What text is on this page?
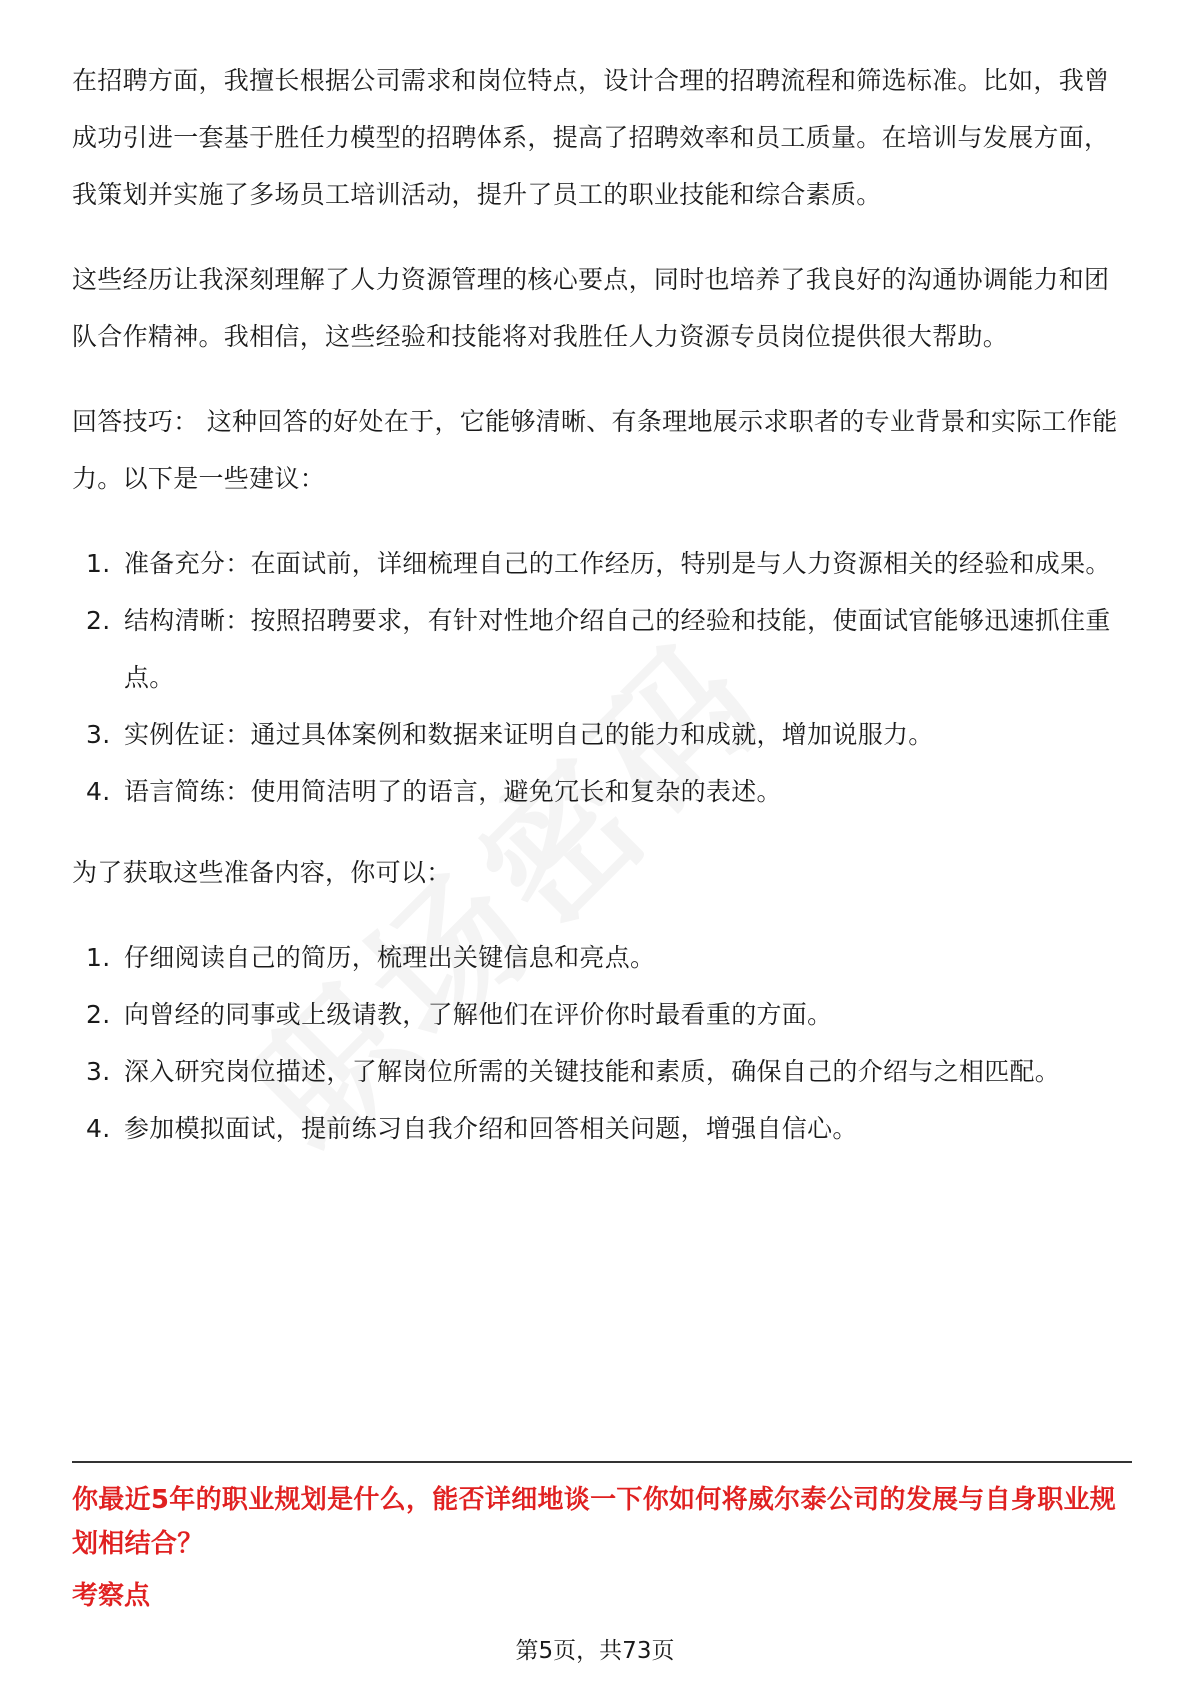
在招聘方面，我擅长根据公司需求和岗位特点，设计合理的招聘流程和筛选标准。比如，我曾成功引进一套基于胜任力模型的招聘体系，提高了招聘效率和员工质量。在培训与发展方面，我策划并实施了多场员工培训活动，提升了员工的职业技能和综合素质。

这些经历让我深刻理解了人力资源管理的核心要点，同时也培养了我良好的沟通协调能力和团队合作精神。我相信，这些经验和技能将对我胜任人力资源专员岗位提供很大帮助。

回答技巧： 这种回答的好处在于，它能够清晰、有条理地展示求职者的专业背景和实际工作能力。以下是一些建议：

1. 准备充分：在面试前，详细梳理自己的工作经历，特别是与人力资源相关的经验和成果。
2. 结构清晰：按照招聘要求，有针对性地介绍自己的经验和技能，使面试官能够迅速抓住重点。
3. 实例佐证：通过具体案例和数据来证明自己的能力和成就，增加说服力。
4. 语言简练：使用简洁明了的语言，避免冗长和复杂的表述。

为了获取这些准备内容，你可以：

1. 仔细阅读自己的简历，梳理出关键信息和亮点。
2. 向曾经的同事或上级请教，了解他们在评价你时最看重的方面。
3. 深入研究岗位描述，了解岗位所需的关键技能和素质，确保自己的介绍与之相匹配。
4. 参加模拟面试，提前练习自我介绍和回答相关问题，增强自信心。
你最近5年的职业规划是什么，能否详细地谈一下你如何将威尔泰公司的发展与自身职业规划相结合？
考察点
第5页，共73页
